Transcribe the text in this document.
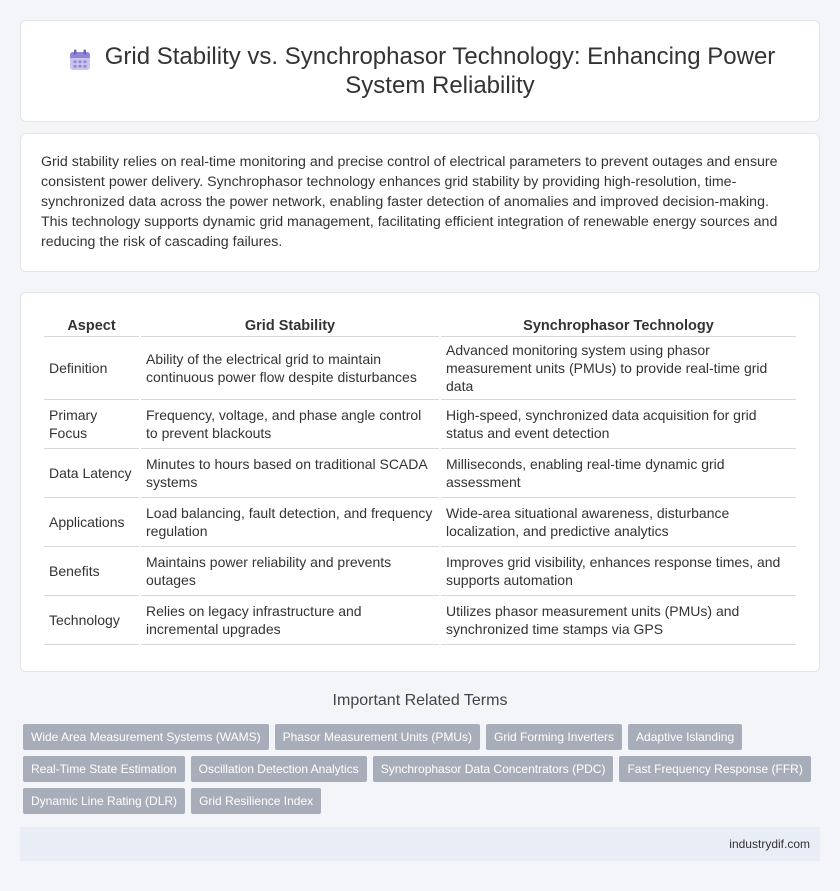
Grid Stability vs. Synchrophasor Technology: Enhancing Power System Reliability

Grid stability relies on real-time monitoring and precise control of electrical parameters to prevent outages and ensure consistent power delivery. Synchrophasor technology enhances grid stability by providing high-resolution, time-synchronized data across the power network, enabling faster detection of anomalies and improved decision-making. This technology supports dynamic grid management, facilitating efficient integration of renewable energy sources and reducing the risk of cascading failures.

Aspect	Grid Stability	Synchrophasor Technology
Definition	Ability of the electrical grid to maintain continuous power flow despite disturbances	Advanced monitoring system using phasor measurement units (PMUs) to provide real-time grid data
Primary Focus	Frequency, voltage, and phase angle control to prevent blackouts	High-speed, synchronized data acquisition for grid status and event detection
Data Latency	Minutes to hours based on traditional SCADA systems	Milliseconds, enabling real-time dynamic grid assessment
Applications	Load balancing, fault detection, and frequency regulation	Wide-area situational awareness, disturbance localization, and predictive analytics
Benefits	Maintains power reliability and prevents outages	Improves grid visibility, enhances response times, and supports automation
Technology	Relies on legacy infrastructure and incremental upgrades	Utilizes phasor measurement units (PMUs) and synchronized time stamps via GPS
Important Related Terms
Wide Area Measurement Systems (WAMS)	Phasor Measurement Units (PMUs)	Grid Forming Inverters	Adaptive Islanding
Real-Time State Estimation	Oscillation Detection Analytics	Synchrophasor Data Concentrators (PDC)	Fast Frequency Response (FFR)
Dynamic Line Rating (DLR)	Grid Resilience Index
industrydif.com
